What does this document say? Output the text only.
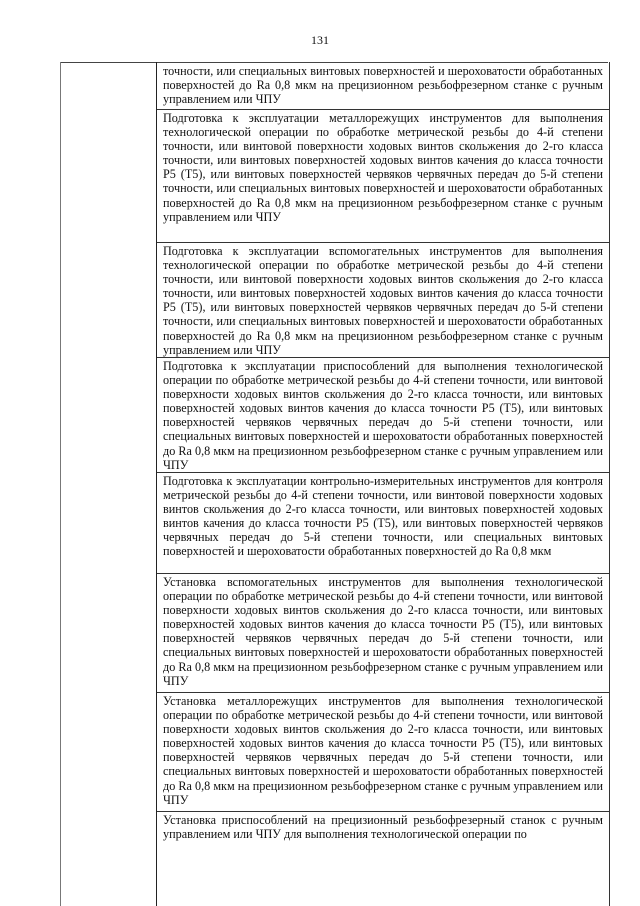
131

точности, или специальных винтовых поверхностей и шероховатости обработанных поверхностей до Ra 0,8 мкм на прецизионном резьбофрезерном станке с ручным управлением или ЧПУ

Подготовка к эксплуатации металлорежущих инструментов для выполнения технологической операции по обработке метрической резьбы до 4-й степени точности, или винтовой поверхности ходовых винтов скольжения до 2-го класса точности, или винтовых поверхностей ходовых винтов качения до класса точности P5 (T5), или винтовых поверхностей червяков червячных передач до 5-й степени точности, или специальных винтовых поверхностей и шероховатости обработанных поверхностей до Ra 0,8 мкм на прецизионном резьбофрезерном станке с ручным управлением или ЧПУ

Подготовка к эксплуатации вспомогательных инструментов для выполнения технологической операции по обработке метрической резьбы до 4-й степени точности, или винтовой поверхности ходовых винтов скольжения до 2-го класса точности, или винтовых поверхностей ходовых винтов качения до класса точности P5 (T5), или винтовых поверхностей червяков червячных передач до 5-й степени точности, или специальных винтовых поверхностей и шероховатости обработанных поверхностей до Ra 0,8 мкм на прецизионном резьбофрезерном станке с ручным управлением или ЧПУ

Подготовка к эксплуатации приспособлений для выполнения технологической операции по обработке метрической резьбы до 4-й степени точности, или винтовой поверхности ходовых винтов скольжения до 2-го класса точности, или винтовых поверхностей ходовых винтов качения до класса точности P5 (T5), или винтовых поверхностей червяков червячных передач до 5-й степени точности, или специальных винтовых поверхностей и шероховатости обработанных поверхностей до Ra 0,8 мкм на прецизионном резьбофрезерном станке с ручным управлением или ЧПУ

Подготовка к эксплуатации контрольно-измерительных инструментов для контроля метрической резьбы до 4-й степени точности, или винтовой поверхности ходовых винтов скольжения до 2-го класса точности, или винтовых поверхностей ходовых винтов качения до класса точности P5 (T5), или винтовых поверхностей червяков червячных передач до 5-й степени точности, или специальных винтовых поверхностей и шероховатости обработанных поверхностей до Ra 0,8 мкм

Установка вспомогательных инструментов для выполнения технологической операции по обработке метрической резьбы до 4-й степени точности, или винтовой поверхности ходовых винтов скольжения до 2-го класса точности, или винтовых поверхностей ходовых винтов качения до класса точности P5 (T5), или винтовых поверхностей червяков червячных передач до 5-й степени точности, или специальных винтовых поверхностей и шероховатости обработанных поверхностей до Ra 0,8 мкм на прецизионном резьбофрезерном станке с ручным управлением или ЧПУ

Установка металлорежущих инструментов для выполнения технологической операции по обработке метрической резьбы до 4-й степени точности, или винтовой поверхности ходовых винтов скольжения до 2-го класса точности, или винтовых поверхностей ходовых винтов качения до класса точности P5 (T5), или винтовых поверхностей червяков червячных передач до 5-й степени точности, или специальных винтовых поверхностей и шероховатости обработанных поверхностей до Ra 0,8 мкм на прецизионном резьбофрезерном станке с ручным управлением или ЧПУ

Установка приспособлений на прецизионный резьбофрезерный станок с ручным управлением или ЧПУ для выполнения технологической операции по
